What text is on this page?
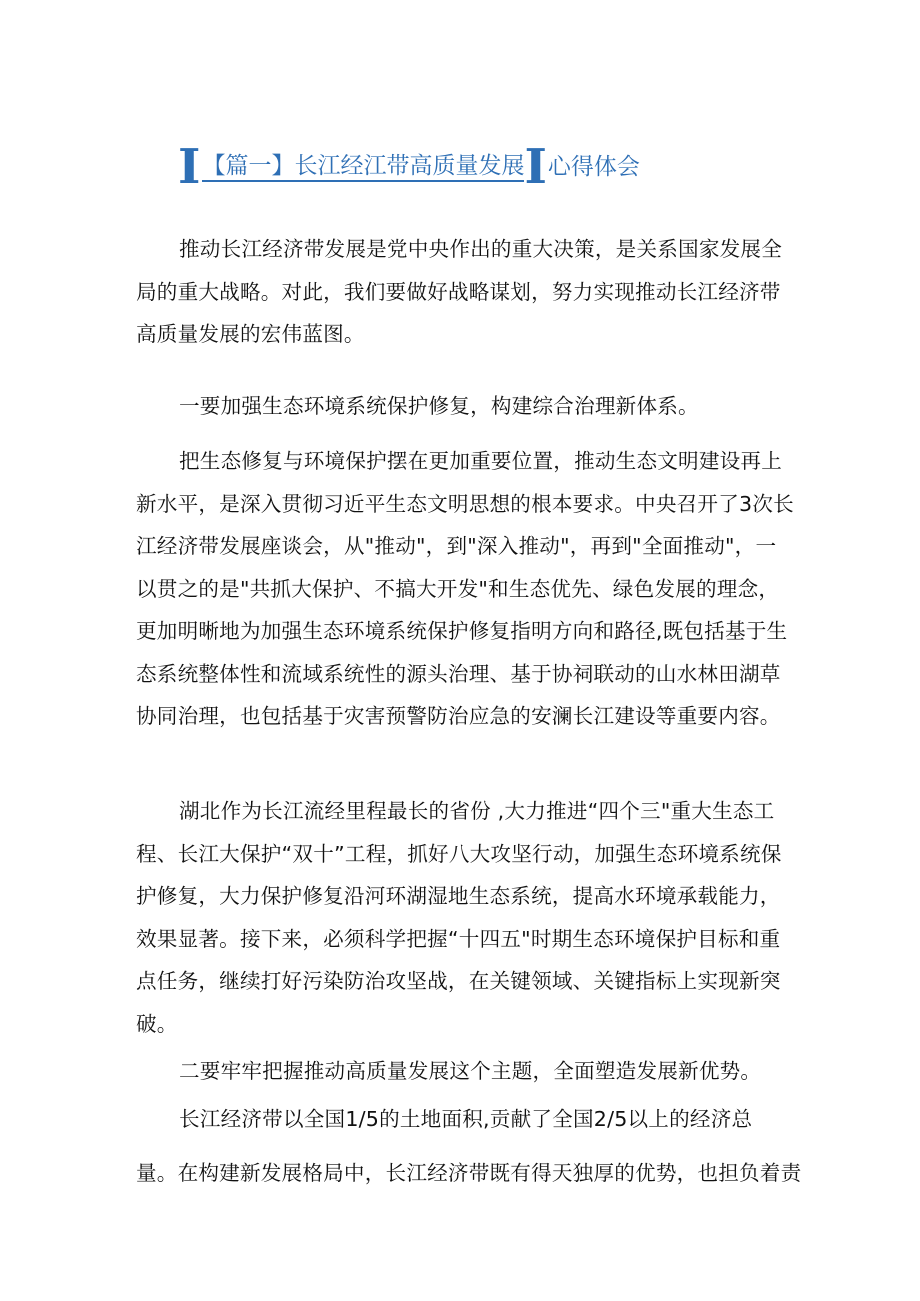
I 【篇一】长江经江带高质量发展 I 心得体会

推动长江经济带发展是党中央作出的重大决策，是关系国家发展全局的重大战略。对此，我们要做好战略谋划，努力实现推动长江经济带高质量发展的宏伟蓝图。

一要加强生态环境系统保护修复，构建综合治理新体系。

把生态修复与环境保护摆在更加重要位置，推动生态文明建设再上新水平，是深入贯彻习近平生态文明思想的根本要求。中央召开了3次长江经济带发展座谈会，从"推动"，到"深入推动"，再到"全面推动"，一以贯之的是"共抓大保护、不搞大开发"和生态优先、绿色发展的理念，更加明晰地为加强生态环境系统保护修复指明方向和路径,既包括基于生态系统整体性和流域系统性的源头治理、基于协祠联动的山水林田湖草协同治理，也包括基于灾害预警防治应急的安澜长江建设等重要内容。

湖北作为长江流经里程最长的省份 ,大力推进“四个三"重大生态工程、长江大保护“双十”工程，抓好八大攻坚行动，加强生态环境系统保护修复，大力保护修复沿河环湖湿地生态系统，提高水环境承载能力，效果显著。接下来，必须科学把握“十四五"时期生态环境保护目标和重点任务，继续打好污染防治攻坚战，在关键领域、关键指标上实现新突破。

二要牢牢把握推动高质量发展这个主题，全面塑造发展新优势。

长江经济带以全国1/5的土地面积,贡献了全国2/5以上的经济总

量。在构建新发展格局中，长江经济带既有得天独厚的优势，也担负着责
